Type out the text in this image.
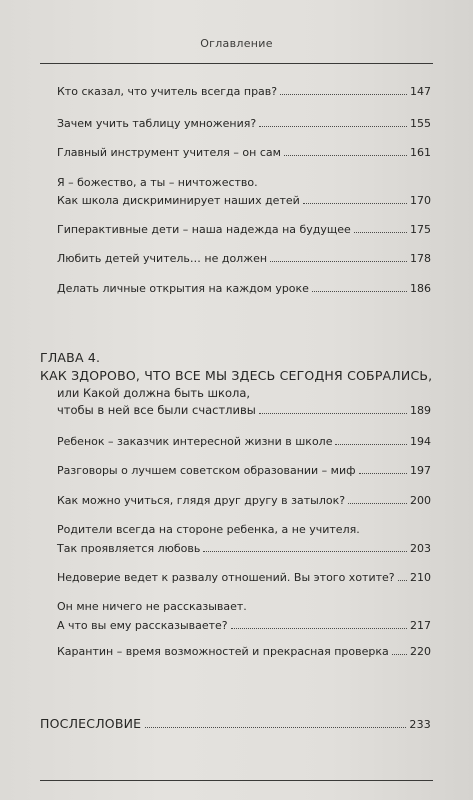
Оглавление
Кто сказал, что учитель всегда прав?	147
Зачем учить таблицу умножения?	155
Главный инструмент учителя – он сам	161
Я – божество, а ты – ничтожество.
Как школа дискриминирует наших детей	170
Гиперактивные дети – наша надежда на будущее	175
Любить детей учитель… не должен	178
Делать личные открытия на каждом уроке	186
ГЛАВА 4.
КАК ЗДОРОВО, ЧТО ВСЕ МЫ ЗДЕСЬ СЕГОДНЯ СОБРАЛИСЬ,
или Какой должна быть школа,
чтобы в ней все были счастливы	189
Ребенок – заказчик интересной жизни в школе	194
Разговоры о лучшем советском образовании – миф	197
Как можно учиться, глядя друг другу в затылок?	200
Родители всегда на стороне ребенка, а не учителя.
Так проявляется любовь	203
Недоверие ведет к развалу отношений. Вы этого хотите? 210
Он мне ничего не рассказывает.
А что вы ему рассказываете?	217
Карантин – время возможностей и прекрасная проверка 220
ПОСЛЕСЛОВИЕ	233
